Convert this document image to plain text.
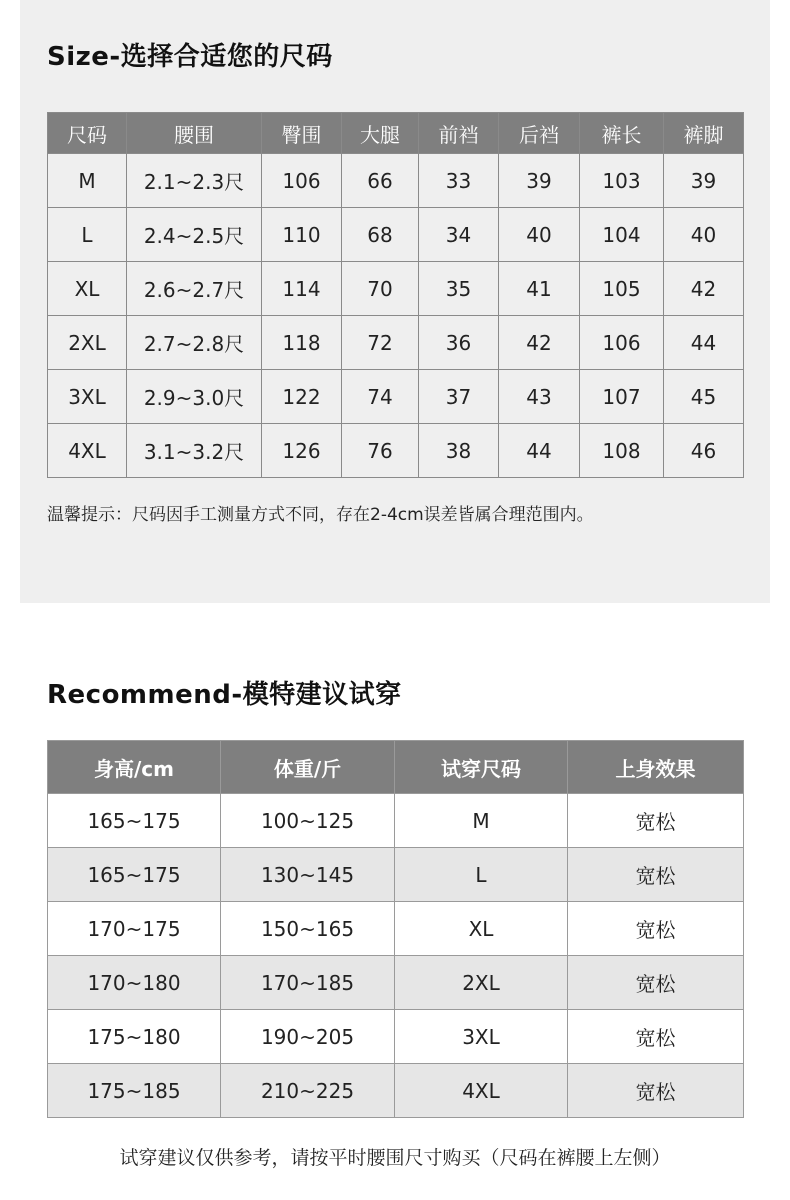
Size-选择合适您的尺码
尺码	腰围	臀围	大腿	前裆	后裆	裤长	裤脚
M	2.1~2.3尺	106	66	33	39	103	39
L	2.4~2.5尺	110	68	34	40	104	40
XL	2.6~2.7尺	114	70	35	41	105	42
2XL	2.7~2.8尺	118	72	36	42	106	44
3XL	2.9~3.0尺	122	74	37	43	107	45
4XL	3.1~3.2尺	126	76	38	44	108	46
温馨提示：尺码因手工测量方式不同，存在2-4cm误差皆属合理范围内。
Recommend-模特建议试穿
身高/cm	体重/斤	试穿尺码	上身效果
165~175	100~125	M	宽松
165~175	130~145	L	宽松
170~175	150~165	XL	宽松
170~180	170~185	2XL	宽松
175~180	190~205	3XL	宽松
175~185	210~225	4XL	宽松
试穿建议仅供参考，请按平时腰围尺寸购买（尺码在裤腰上左侧）
